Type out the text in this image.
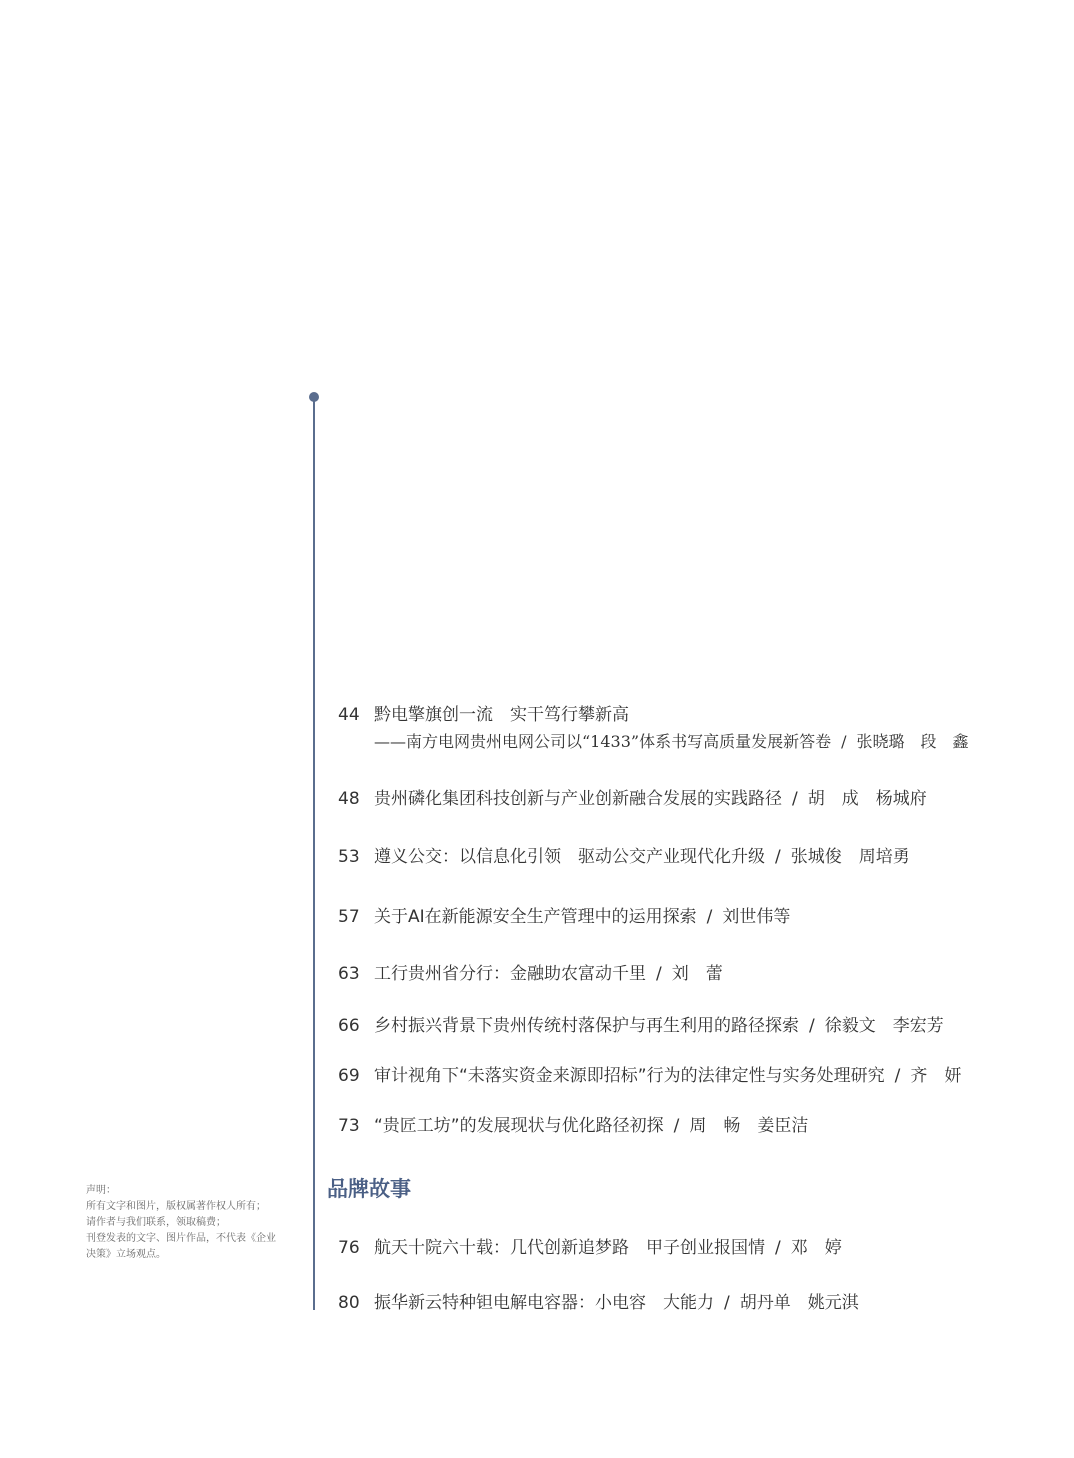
44 黔电擎旗创一流　实干笃行攀新高
——南方电网贵州电网公司以“1433”体系书写高质量发展新答卷 / 张晓璐　段　鑫
48 贵州磷化集团科技创新与产业创新融合发展的实践路径 / 胡　成　杨城府
53 遵义公交：以信息化引领　驱动公交产业现代化升级 / 张城俊　周培勇
57 关于AI在新能源安全生产管理中的运用探索 / 刘世伟等
63 工行贵州省分行：金融助农富动千里 / 刘　蕾
66 乡村振兴背景下贵州传统村落保护与再生利用的路径探索 / 徐毅文　李宏芳
69 审计视角下“未落实资金来源即招标”行为的法律定性与实务处理研究 / 齐　妍
73 “贵匠工坊”的发展现状与优化路径初探 / 周　畅　姜臣洁
品牌故事
76 航天十院六十载：几代创新追梦路　甲子创业报国情 / 邓　婷
80 振华新云特种钽电解电容器：小电容　大能力 / 胡丹单　姚元淇
声明：
所有文字和图片，版权属著作权人所有；
请作者与我们联系，领取稿费；
刊登发表的文字、图片作品，不代表《企业
决策》立场观点。
